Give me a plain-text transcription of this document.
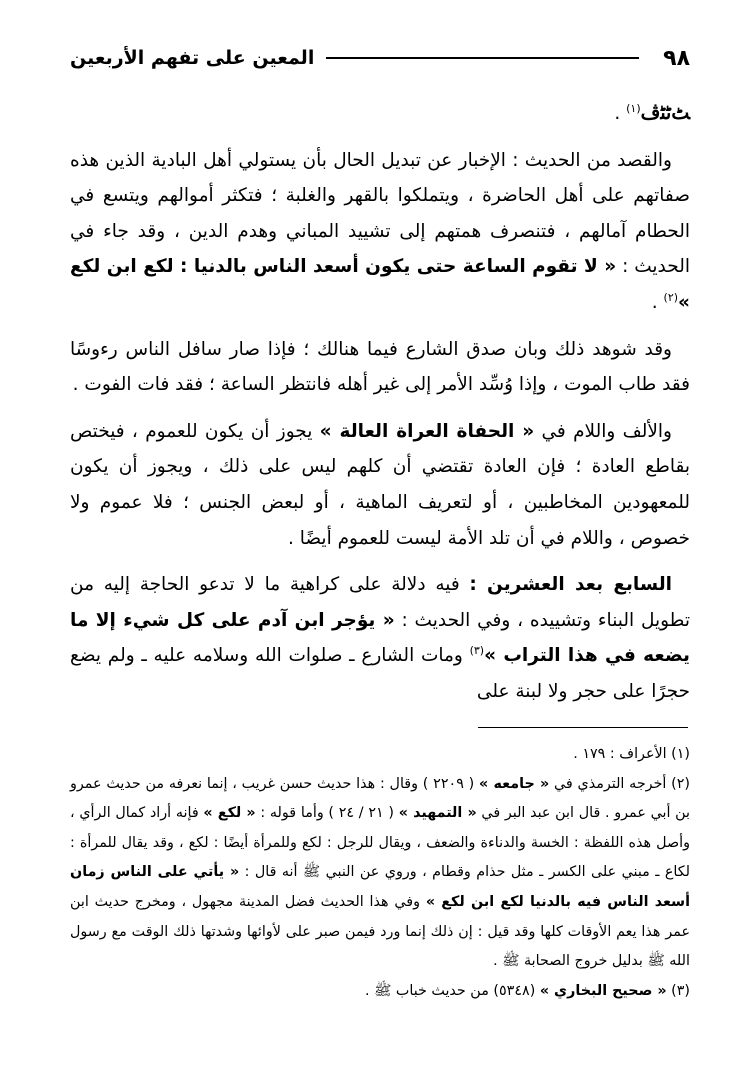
٩٨
المعين على تفهم الأربعين

ﭧﭨﭩﭪ$^{(١)}$ .

والقصد من الحديث : الإخبار عن تبديل الحال بأن يستولي أهل البادية الذين هذه صفاتهم على أهل الحاضرة ، ويتملكوا بالقهر والغلبة ؛ فتكثر أموالهم ويتسع في الحطام آمالهم ، فتنصرف همتهم إلى تشييد المباني وهدم الدين ، وقد جاء في الحديث : « لا تقوم الساعة حتى يكون أسعد الناس بالدنيا : لكع ابن لكع »$^{(٢)}$ .

وقد شوهد ذلك وبان صدق الشارع فيما هنالك ؛ فإذا صار سافل الناس رءوسًا فقد طاب الموت ، وإذا وُسِّد الأمر إلى غير أهله فانتظر الساعة ؛ فقد فات الفوت .

والألف واللام في « الحفاة العراة العالة » يجوز أن يكون للعموم ، فيختص بقاطع العادة ؛ فإن العادة تقتضي أن كلهم ليس على ذلك ، ويجوز أن يكون للمعهودين المخاطبين ، أو لتعريف الماهية ، أو لبعض الجنس ؛ فلا عموم ولا خصوص ، واللام في أن تلد الأمة ليست للعموم أيضًا .

السابع بعد العشرين : فيه دلالة على كراهية ما لا تدعو الحاجة إليه من تطويل البناء وتشييده ، وفي الحديث : « يؤجر ابن آدم على كل شيء إلا ما يضعه في هذا التراب »$^{(٣)}$ ومات الشارع ـ صلوات الله وسلامه عليه ـ ولم يضع حجرًا على حجر ولا لبنة على

(١) الأعراف : ١٧٩ .

(٢) أخرجه الترمذي في « جامعه » ( ٢٢٠٩ ) وقال : هذا حديث حسن غريب ، إنما نعرفه من حديث عمرو بن أبي عمرو . قال ابن عبد البر في « التمهيد » ( ٢١ / ٢٤ ) وأما قوله : « لكع » فإنه أراد كمال الرأي ، وأصل هذه اللفظة : الخسة والدناءة والضعف ، ويقال للرجل : لكع وللمرأة أيضًا : لكع ، وقد يقال للمرأة : لكاع ـ مبني على الكسر ـ مثل حذام وقطام ، وروي عن النبي ﷺ أنه قال : « يأتي على الناس زمان أسعد الناس فيه بالدنيا لكع ابن لكع » وفي هذا الحديث فضل المدينة مجهول ، ومخرج حديث ابن عمر هذا يعم الأوقات كلها وقد قيل : إن ذلك إنما ورد فيمن صبر على لأوائها وشدتها ذلك الوقت مع رسول الله ﷺ بدليل خروج الصحابة ﷺ .

(٣) « صحيح البخاري » (٥٣٤٨) من حديث خباب ﷺ .
